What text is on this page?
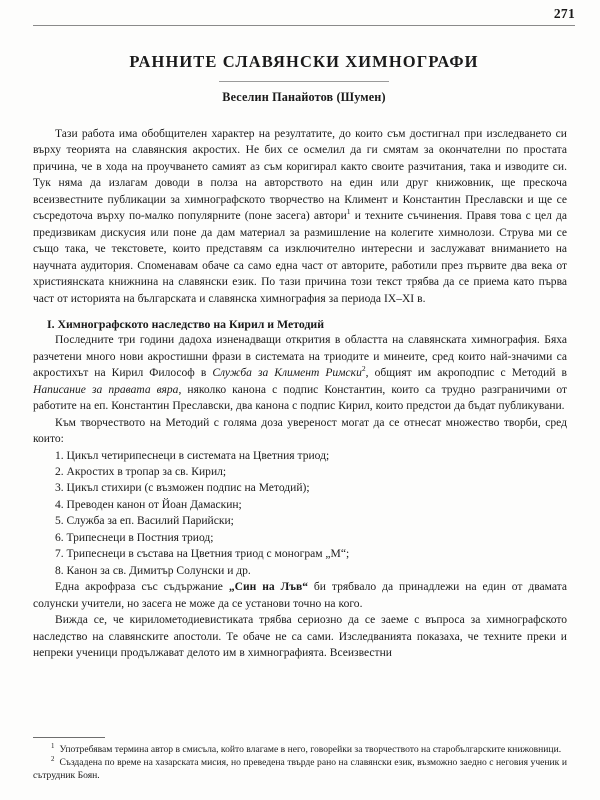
271
РАННИТЕ СЛАВЯНСКИ ХИМНОГРАФИ

Веселин Панайотов (Шумен)

Тази работа има обобщителен характер на резултатите, до които съм достигнал при изследването си върху теорията на славянския акростих. Не бих се осмелил да ги смятам за окончателни по простата причина, че в хода на проучването самият аз съм коригирал както своите разчитания, така и изводите си. Тук няма да излагам доводи в полза на авторството на един или друг книжовник, ще прескоча всеизвестните публикации за химнографското творчество на Климент и Константин Преславски и ще се съсредоточа върху по-малко популярните (поне засега) автори$^1$ и техните съчинения. Правя това с цел да предизвикам дискусия или поне да дам материал за размишление на колегите химнолози. Струва ми се също така, че текстовете, които представям са изключително интересни и заслужават вниманието на научната аудитория. Споменавам обаче са само една част от авторите, работили през първите два века от християнската книжнина на славянски език. По тази причина този текст трябва да се приема като първа част от историята на българската и славянска химнография за периода IX–XI в.

I. Химнографското наследство на Кирил и Методий

Последните три години дадоха изненадващи открития в областта на славянската химнография. Бяха разчетени много нови акростишни фрази в системата на триодите и минеите, сред които най-значими са акростихът на Кирил Философ в Служба за Климент Римски$^2$, общият им акроподпис с Методий в Написание за правата вяра, няколко канона с подпис Константин, които са трудно разграничими от работите на еп. Константин Преславски, два канона с подпис Кирил, които предстои да бъдат публикувани.

Към творчеството на Методий с голяма доза увереност могат да се отнесат множество творби, сред които:

1. Цикъл четирипеснеци в системата на Цветния триод;
2. Акростих в тропар за св. Кирил;
3. Цикъл стихири (с възможен подпис на Методий);
4. Преводен канон от Йоан Дамаскин;
5. Служба за еп. Василий Парийски;
6. Трипеснеци в Постния триод;
7. Трипеснеци в състава на Цветния триод с монограм „М“;
8. Канон за св. Димитър Солунски и др.

Една акрофраза със съдържание „Син на Лъв“ би трябвало да принадлежи на един от двамата солунски учители, но засега не може да се установи точно на кого.

Вижда се, че кирилометодиевистиката трябва сериозно да се заеме с въпроса за химнографското наследство на славянските апостоли. Те обаче не са сами. Изследванията показаха, че техните преки и непреки ученици продължават делото им в химнографията. Всеизвестни

$^1$ Употребявам термина автор в смисъла, който влагаме в него, говорейки за творчеството на старобългарските книжовници.

$^2$ Създадена по време на хазарската мисия, но преведена твърде рано на славянски език, възможно заедно с неговия ученик и сътрудник Боян.
